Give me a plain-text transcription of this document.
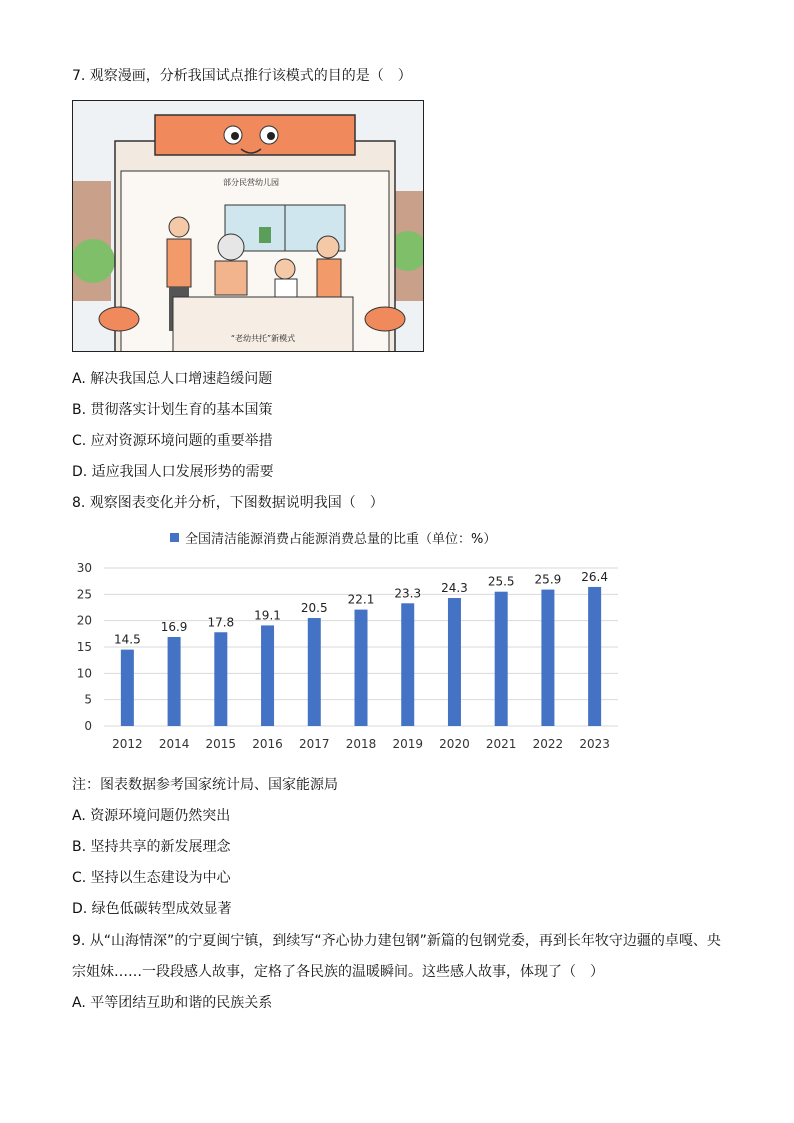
7. 观察漫画，分析我国试点推行该模式的目的是（　）
部分民营幼儿园
“老幼共托”新模式
A. 解决我国总人口增速趋缓问题
B. 贯彻落实计划生育的基本国策
C. 应对资源环境问题的重要举措
D. 适应我国人口发展形势的需要
8. 观察图表变化并分析，下图数据说明我国（　）
全国清洁能源消费占能源消费总量的比重（单位：%）
0
5
10
15
20
25
30
14.5
2012
16.9
2014
17.8
2015
19.1
2016
20.5
2017
22.1
2018
23.3
2019
24.3
2020
25.5
2021
25.9
2022
26.4
2023
注：图表数据参考国家统计局、国家能源局
A. 资源环境问题仍然突出
B. 坚持共享的新发展理念
C. 坚持以生态建设为中心
D. 绿色低碳转型成效显著
9. 从“山海情深”的宁夏闽宁镇，到续写“齐心协力建包钢”新篇的包钢党委，再到长年牧守边疆的卓嘎、央
宗姐妹……一段段感人故事，定格了各民族的温暖瞬间。这些感人故事，体现了（　）
A. 平等团结互助和谐的民族关系
